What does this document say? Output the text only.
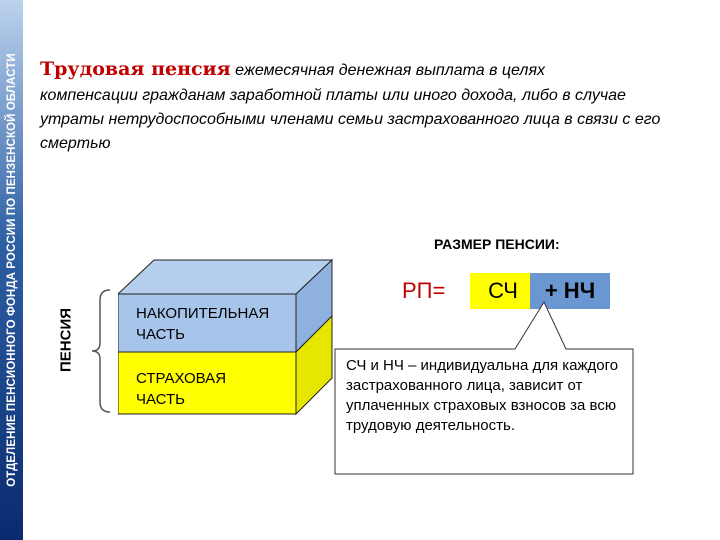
ОТДЕЛЕНИЕ ПЕНСИОННОГО ФОНДА РОССИИ ПО ПЕНЗЕНСКОЙ ОБЛАСТИ Трудовая пенсия ежемесячная денежная выплата в целях
компенсации гражданам заработной платы или иного дохода, либо в случае утраты нетрудоспособными членами семьи застрахованного лица в связи с его смертью
ПЕНСИЯ	НАКОПИТЕЛЬНАЯ ЧАСТЬ
СТРАХОВАЯ ЧАСТЬ
РАЗМЕР ПЕНСИИ:
РП=	СЧ	+ НЧ
СЧ и НЧ – индивидуальна для каждого застрахованного лица, зависит от уплаченных страховых взносов за всю трудовую деятельность.
